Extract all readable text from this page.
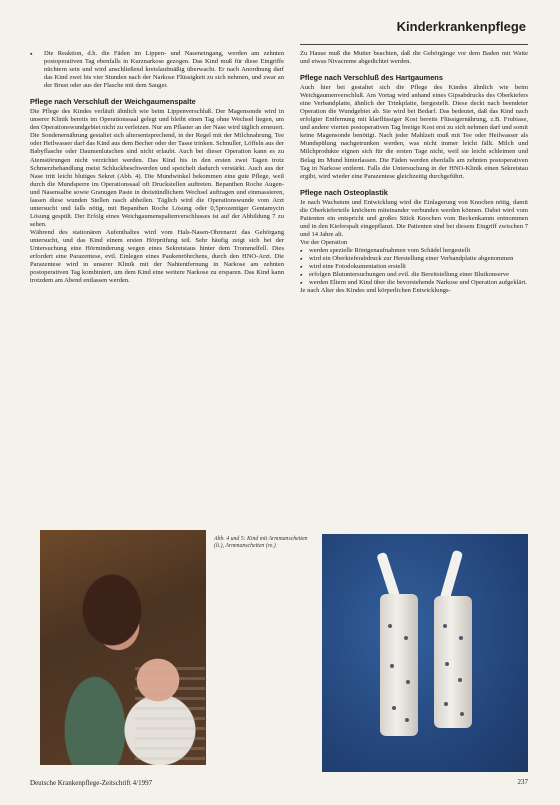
Kinderkrankenpflege
▪ Die Reaktion, d.h. die Fäden im Lippen- und Naseneingang, werden am zehnten postoperativen Tag ebenfalls in Kurznarkose gezogen. Das Kind muß für diese Eingriffe nüchtern sein und wird anschließend kreislaufmäßig überwacht. Er nach Anordnung darf das Kind zwei bis vier Stunden nach der Narkose Flüssigkeit zu sich nehmen, und zwar an der Brust oder aus der Flasche mit dem Sauger.
Pflege nach Verschluß der Weichgaumenspalte

Die Pflege des Kindes verläuft ähnlich wie beim Lippenverschluß. Der Magensonde wird in unserer Klinik bereits im Operationssaal gelegt und bleibt einen Tag ohne Wechsel liegen, um den Operationswundgebiet nicht zu verletzen. Nur am Pflaster an der Nase wird täglich erneuert. Die Sondenernährung gestaltet sich altersentsprechend, in der Regel mit der Milchnahrung, Tee oder Heilwasser darf das Kind aus dem Becher oder der Tasse trinken. Schnuller, Löffeln aus der Babyflasche oder Daumenlutschen sind nicht erlaubt. Auch bei dieser Operation kann es zu Atemstörungen nicht verzichtet werden. Das Kind bis in den ersten zwei Tagen trotz Schmerzbehandlung meist Schluckbeschwerden und speichelt dadurch verstärkt. Auch aus der Nase tritt leicht blutiges Sekret (Abb. 4). Die Mundwinkel bekommen eine gute Pflege, weil durch die Mundsperre im Operationssaal oft Druckstellen auftreten. Bepanthen Roche Augen- und Nasensalbe sowie Granugen Paste in dreistündlichem Wechsel auftragen und einmassieren, lassen diese wunden Stellen rasch abheilen. Täglich wird die Operationswunde vom Arzt untersucht und falls nötig, mit Bepanthen Roche Lösung oder 0,5prozentiger Gentamycin Lösung gespült. Der Erfolg eines Weichgaumenspaltenverschlusses ist auf der Abbildung 7 zu sehen.

Während des stationären Aufenthaltes wird vom Hals-Nasen-Ohrenarzt das Gehörgang untersucht, und das Kind einem ersten Hörprüfung teil. Sehr häufig zeigt sich bei der Untersuchung eine Hörminderung wegen eines Sekretstaus hinter dem Trommelfell. Dies erfordert eine Parazentese, evtl. Einlegen eines Paukenröhrchens, durch den HNO-Arzt. Die Parazentese wird in unserer Klinik mit der Nahtentfernung in Narkose am zehnten postoperativen Tag kombiniert, um dem Kind eine weitere Narkose zu ersparen. Das Kind kann trotzdem am Abend entlassen werden.

Zu Hause muß die Mutter beachten, daß die Gehörgänge vor dem Baden mit Watte und etwas Nivacreme abgedichtet werden.

Pflege nach Verschluß des Hartgaumens

Auch hier bei gestaltet sich die Pflege des Kindes ähnlich wie beim Weichgaumenverschluß. Am Vortag wird anhand eines Gipsabdrucks des Oberkiefers eine Verbandplatte, ähnlich der Trinkplatte, hergestellt. Diese deckt nach beendeter Operation die Wundgebiet ab. Sie wird bei Bedarf. Das bedeutet, daß das Kind nach erfolgter Entfernung mit klarflüssiger Kost bereits Flüssigernährung, z.B. Frubiase, und andere vierten postoperativen Tag breiige Kost erst zu sich nehmen darf und somit keine Magensonde benötigt. Nach jeder Mahlzeit muß mit Tee oder Heilwasser als Mundspülung nachgetrunken werden, was nicht immer leicht fällt. Milch und Milchprodukte eignen sich für die ersten Tage nicht, weil sie leicht schleimen und Belag im Mund hinterlassen. Die Fäden werden ebenfalls am zehnten postoperativen Tag in Narkose entfernt. Falls die Untersuchung in der HNO-Klinik einen Sekretstau ergibt, wird wieder eine Parazentese gleichzeitig durchgeführt.

Pflege nach Osteoplastik

Je nach Wachstum und Entwicklung wird die Einlagerung von Knochen nötig, damit die Oberkieferteile knöchern miteinander verbunden werden können. Dabei wird vom Patienten ein entspricht und großes Stück Knochen vom Beckenkamm entnommen und in den Kieferspalt eingepflanzt. Die Patienten sind bei diesem Eingriff zwischen 7 und 14 Jahre alt.

Vor der Operation

▪ werden spezielle Röntgenaufnahmen vom Schädel hergestellt
▪ wird ein Oberkieferabdruck zur Herstellung einer Verbandplatte abgenommen
▪ wird eine Fotodokumentation erstellt
▪ erfolgen Blutuntersuchungen und evtl. die Bereitstellung einer Blutkonserve
▪ werden Eltern und Kind über die bevorstehende Narkose und Operation aufgeklärt.

Je nach Alter des Kindes und körperlichen Entwicklungs-

Abb. 4 und 5: Kind mit Armmanschetten (li.), Armmanschetten (re.)
Deutsche Krankenpflege-Zeitschrift 4/1997	237
